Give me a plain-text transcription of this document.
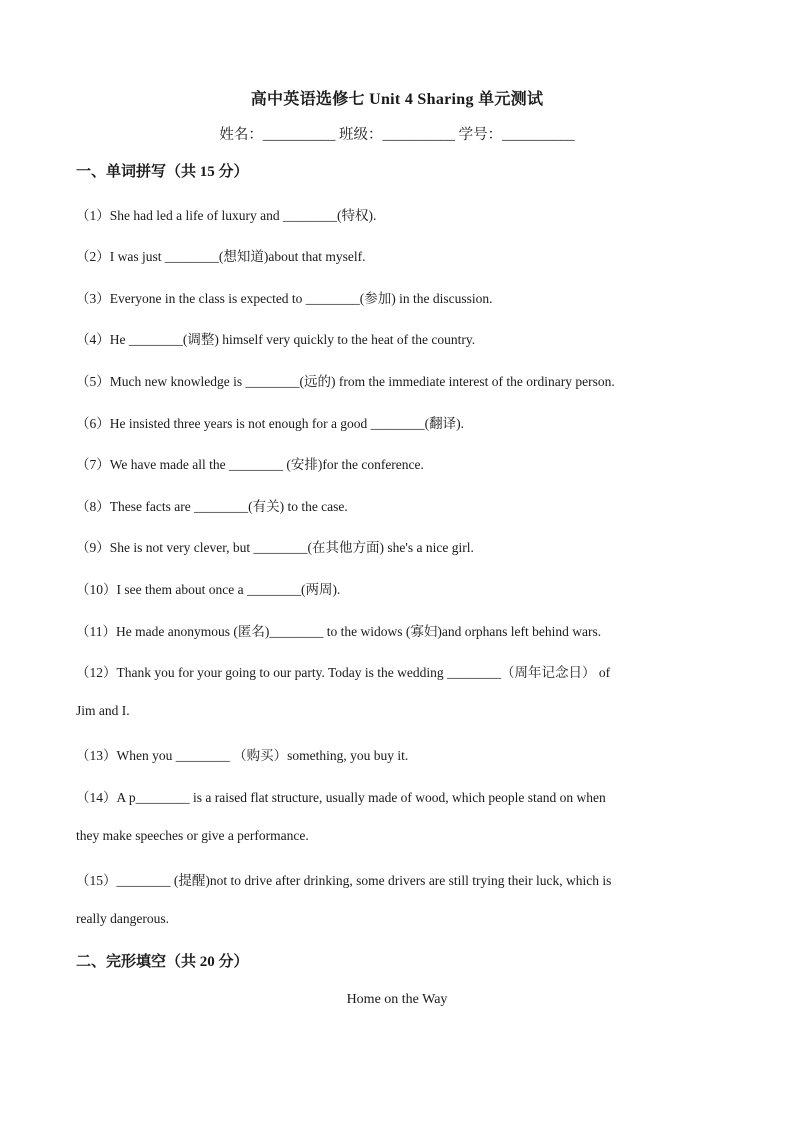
高中英语选修七 Unit 4 Sharing 单元测试
姓名：__________ 班级：__________ 学号：__________
一、单词拼写（共 15 分）
（1）She had led a life of luxury and ________(特权).
（2）I was just ________(想知道)about that myself.
（3）Everyone in the class is expected to ________(参加) in the discussion.
（4）He ________(调整) himself very quickly to the heat of the country.
（5）Much new knowledge is ________(远的) from the immediate interest of the ordinary person.
（6）He insisted three years is not enough for a good ________(翻译).
（7）We have made all the ________ (安排)for the conference.
（8）These facts are ________(有关) to the case.
（9）She is not very clever, but ________(在其他方面) she's a nice girl.
（10）I see them about once a ________(两周).
（11）He made anonymous (匿名)________ to the widows (寡妇)and orphans left behind wars.
（12）Thank you for your going to our party. Today is the wedding ________（周年记念日） of
Jim and I.
（13）When you ________ （购买）something, you buy it.
（14）A p________ is a raised flat structure, usually made of wood, which people stand on when
they make speeches or give a performance.
（15）________ (提醒)not to drive after drinking, some drivers are still trying their luck, which is
really dangerous.
二、完形填空（共 20 分）
Home on the Way
